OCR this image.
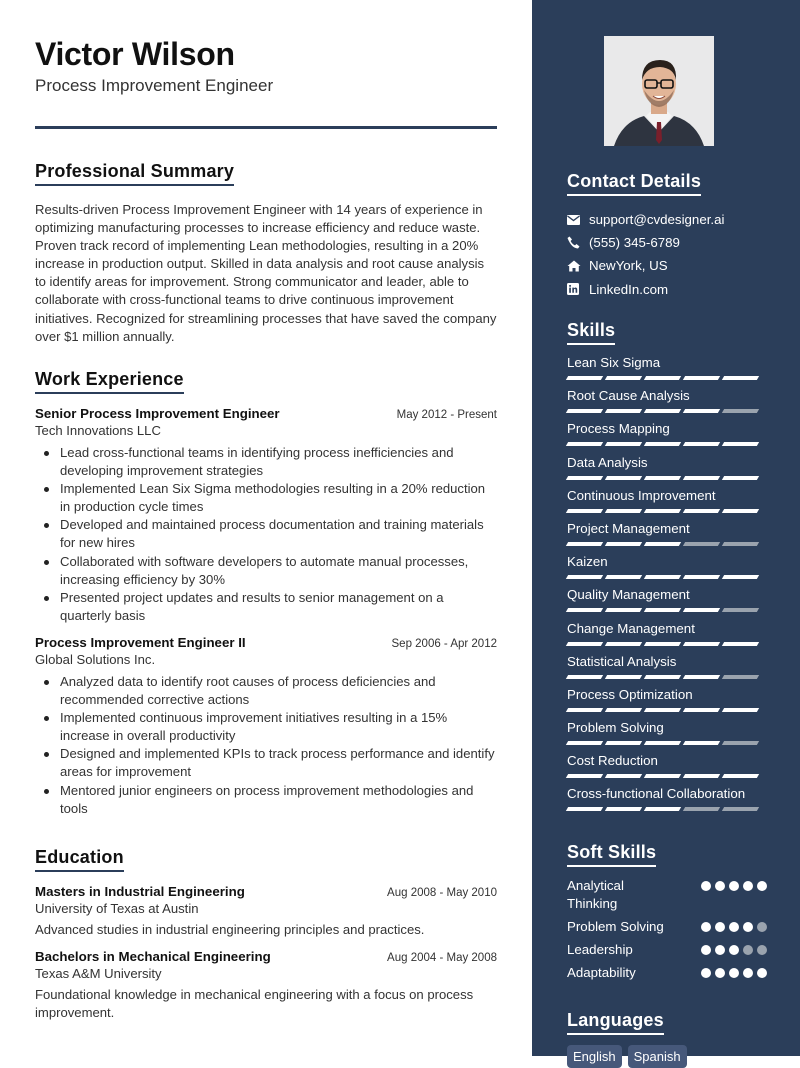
Victor Wilson
Process Improvement Engineer
Professional Summary

Results-driven Process Improvement Engineer with 14 years of experience in optimizing manufacturing processes to increase efficiency and reduce waste. Proven track record of implementing Lean methodologies, resulting in a 20% increase in production output. Skilled in data analysis and root cause analysis to identify areas for improvement. Strong communicator and leader, able to collaborate with cross-functional teams to drive continuous improvement initiatives. Recognized for streamlining processes that have saved the company over $1 million annually.

Work Experience
Senior Process Improvement Engineer	May 2012 - Present
Tech Innovations LLC
Lead cross-functional teams in identifying process inefficiencies and developing improvement strategies
Implemented Lean Six Sigma methodologies resulting in a 20% reduction in production cycle times
Developed and maintained process documentation and training materials for new hires
Collaborated with software developers to automate manual processes, increasing efficiency by 30%
Presented project updates and results to senior management on a quarterly basis
Process Improvement Engineer II	Sep 2006 - Apr 2012
Global Solutions Inc.
Analyzed data to identify root causes of process deficiencies and recommended corrective actions
Implemented continuous improvement initiatives resulting in a 15% increase in overall productivity
Designed and implemented KPIs to track process performance and identify areas for improvement
Mentored junior engineers on process improvement methodologies and tools
Education
Masters in Industrial Engineering	Aug 2008 - May 2010
University of Texas at Austin
Advanced studies in industrial engineering principles and practices.
Bachelors in Mechanical Engineering	Aug 2004 - May 2008
Texas A&M University
Foundational knowledge in mechanical engineering with a focus on process improvement.
Contact Details
support@cvdesigner.ai
(555) 345-6789
NewYork, US
LinkedIn.com
Skills
Lean Six Sigma
Root Cause Analysis
Process Mapping
Data Analysis
Continuous Improvement
Project Management
Kaizen
Quality Management
Change Management
Statistical Analysis
Process Optimization
Problem Solving
Cost Reduction
Cross-functional Collaboration
Soft Skills
Analytical Thinking
Problem Solving
Leadership
Adaptability
Languages
English	Spanish
